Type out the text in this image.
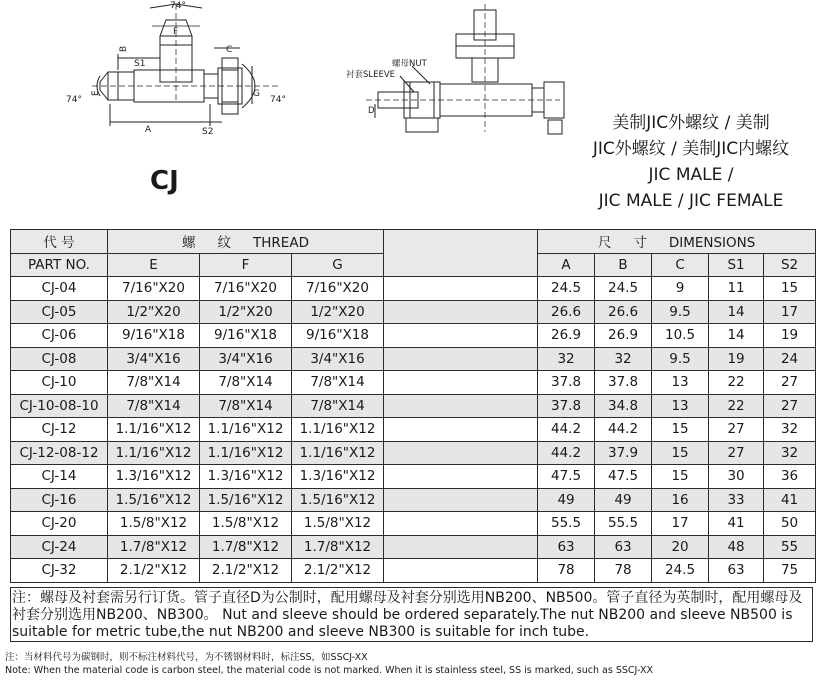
74°
74°	74°
F
S1
S2
E
A
B	C
G
螺母NUT
衬套SLEEVE
D
CJ
美制JIC外螺纹 / 美制
JIC外螺纹 / 美制JIC内螺纹
JIC MALE /
JIC MALE / JIC FEMALE
代 号	螺 纹 THREAD				尺 寸 DIMENSIONS				
PART NO.	E	F	G		A	B	C	S1	S2
CJ-04	7/16"X20	7/16"X20	7/16"X20		24.5	24.5	9	11	15
CJ-05	1/2"X20	1/2"X20	1/2"X20		26.6	26.6	9.5	14	17
CJ-06	9/16"X18	9/16"X18	9/16"X18		26.9	26.9	10.5	14	19
CJ-08	3/4"X16	3/4"X16	3/4"X16		32	32	9.5	19	24
CJ-10	7/8"X14	7/8"X14	7/8"X14		37.8	37.8	13	22	27
CJ-10-08-10	7/8"X14	7/8"X14	7/8"X14		37.8	34.8	13	22	27
CJ-12	1.1/16"X12	1.1/16"X12	1.1/16"X12		44.2	44.2	15	27	32
CJ-12-08-12	1.1/16"X12	1.1/16"X12	1.1/16"X12		44.2	37.9	15	27	32
CJ-14	1.3/16"X12	1.3/16"X12	1.3/16"X12		47.5	47.5	15	30	36
CJ-16	1.5/16"X12	1.5/16"X12	1.5/16"X12		49	49	16	33	41
CJ-20	1.5/8"X12	1.5/8"X12	1.5/8"X12		55.5	55.5	17	41	50
CJ-24	1.7/8"X12	1.7/8"X12	1.7/8"X12		63	63	20	48	55
CJ-32	2.1/2"X12	2.1/2"X12	2.1/2"X12		78	78	24.5	63	75
注：螺母及衬套需另行订货。管子直径D为公制时，配用螺母及衬套分别选用NB200、NB500。管子直径为英制时，配用螺母及衬套分别选用NB200、NB300。 Nut and sleeve should be ordered separately.The nut NB200 and sleeve NB500 is suitable for metric tube,the nut NB200 and sleeve NB300 is suitable for inch tube.
注：当材料代号为碳钢时，则不标注材料代号，为不锈钢材料时，标注SS，如SSCJ-XX
Note: When the material code is carbon steel, the material code is not marked. When it is stainless steel, SS is marked, such as SSCJ-XX
